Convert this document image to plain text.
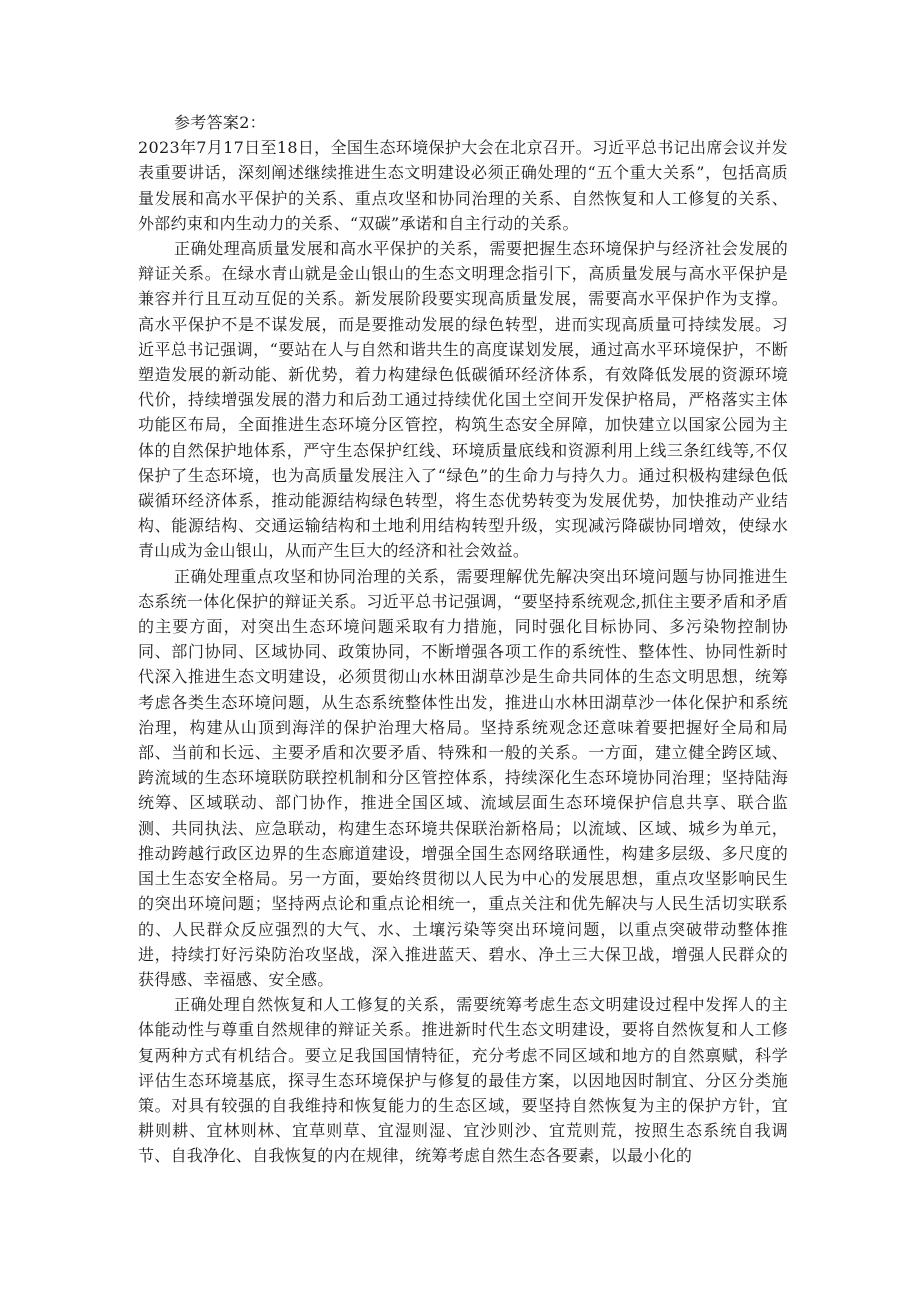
参考答案2：

2023年7月17日至18日，全国生态环境保护大会在北京召开。习近平总书记出席会议并发表重要讲话，深刻阐述继续推进生态文明建设必须正确处理的“五个重大关系”，包括高质量发展和高水平保护的关系、重点攻坚和协同治理的关系、自然恢复和人工修复的关系、外部约束和内生动力的关系、“双碳”承诺和自主行动的关系。

正确处理高质量发展和高水平保护的关系，需要把握生态环境保护与经济社会发展的辩证关系。在绿水青山就是金山银山的生态文明理念指引下，高质量发展与高水平保护是兼容并行且互动互促的关系。新发展阶段要实现高质量发展，需要高水平保护作为支撑。高水平保护不是不谋发展，而是要推动发展的绿色转型，进而实现高质量可持续发展。习近平总书记强调，“要站在人与自然和谐共生的高度谋划发展，通过高水平环境保护，不断塑造发展的新动能、新优势，着力构建绿色低碳循环经济体系，有效降低发展的资源环境代价，持续增强发展的潜力和后劲工通过持续优化国土空间开发保护格局，严格落实主体功能区布局，全面推进生态环境分区管控，构筑生态安全屏障，加快建立以国家公园为主体的自然保护地体系，严守生态保护红线、环境质量底线和资源利用上线三条红线等,不仅保护了生态环境，也为高质量发展注入了“绿色”的生命力与持久力。通过积极构建绿色低碳循环经济体系，推动能源结构绿色转型，将生态优势转变为发展优势，加快推动产业结构、能源结构、交通运输结构和土地利用结构转型升级，实现减污降碳协同增效，使绿水青山成为金山银山，从而产生巨大的经济和社会效益。

正确处理重点攻坚和协同治理的关系，需要理解优先解决突出环境问题与协同推进生态系统一体化保护的辩证关系。习近平总书记强调，“要坚持系统观念,抓住主要矛盾和矛盾的主要方面，对突出生态环境问题采取有力措施，同时强化目标协同、多污染物控制协同、部门协同、区域协同、政策协同，不断增强各项工作的系统性、整体性、协同性新时代深入推进生态文明建设，必须贯彻山水林田湖草沙是生命共同体的生态文明思想，统筹考虑各类生态环境问题，从生态系统整体性出发，推进山水林田湖草沙一体化保护和系统治理，构建从山顶到海洋的保护治理大格局。坚持系统观念还意味着要把握好全局和局部、当前和长远、主要矛盾和次要矛盾、特殊和一般的关系。一方面，建立健全跨区域、跨流域的生态环境联防联控机制和分区管控体系，持续深化生态环境协同治理；坚持陆海统筹、区域联动、部门协作，推进全国区域、流域层面生态环境保护信息共享、联合监测、共同执法、应急联动，构建生态环境共保联治新格局；以流域、区域、城乡为单元，推动跨越行政区边界的生态廊道建设，增强全国生态网络联通性，构建多层级、多尺度的国土生态安全格局。另一方面，要始终贯彻以人民为中心的发展思想，重点攻坚影响民生的突出环境问题；坚持两点论和重点论相统一，重点关注和优先解决与人民生活切实联系的、人民群众反应强烈的大气、水、土壤污染等突出环境问题，以重点突破带动整体推进，持续打好污染防治攻坚战，深入推进蓝天、碧水、净土三大保卫战，增强人民群众的获得感、幸福感、安全感。

正确处理自然恢复和人工修复的关系，需要统筹考虑生态文明建设过程中发挥人的主体能动性与尊重自然规律的辩证关系。推进新时代生态文明建设，要将自然恢复和人工修复两种方式有机结合。要立足我国国情特征，充分考虑不同区域和地方的自然禀赋，科学评估生态环境基底，探寻生态环境保护与修复的最佳方案，以因地因时制宜、分区分类施策。对具有较强的自我维持和恢复能力的生态区域，要坚持自然恢复为主的保护方针，宜耕则耕、宜林则林、宜草则草、宜湿则湿、宜沙则沙、宜荒则荒，按照生态系统自我调节、自我净化、自我恢复的内在规律，统筹考虑自然生态各要素，以最小化的
